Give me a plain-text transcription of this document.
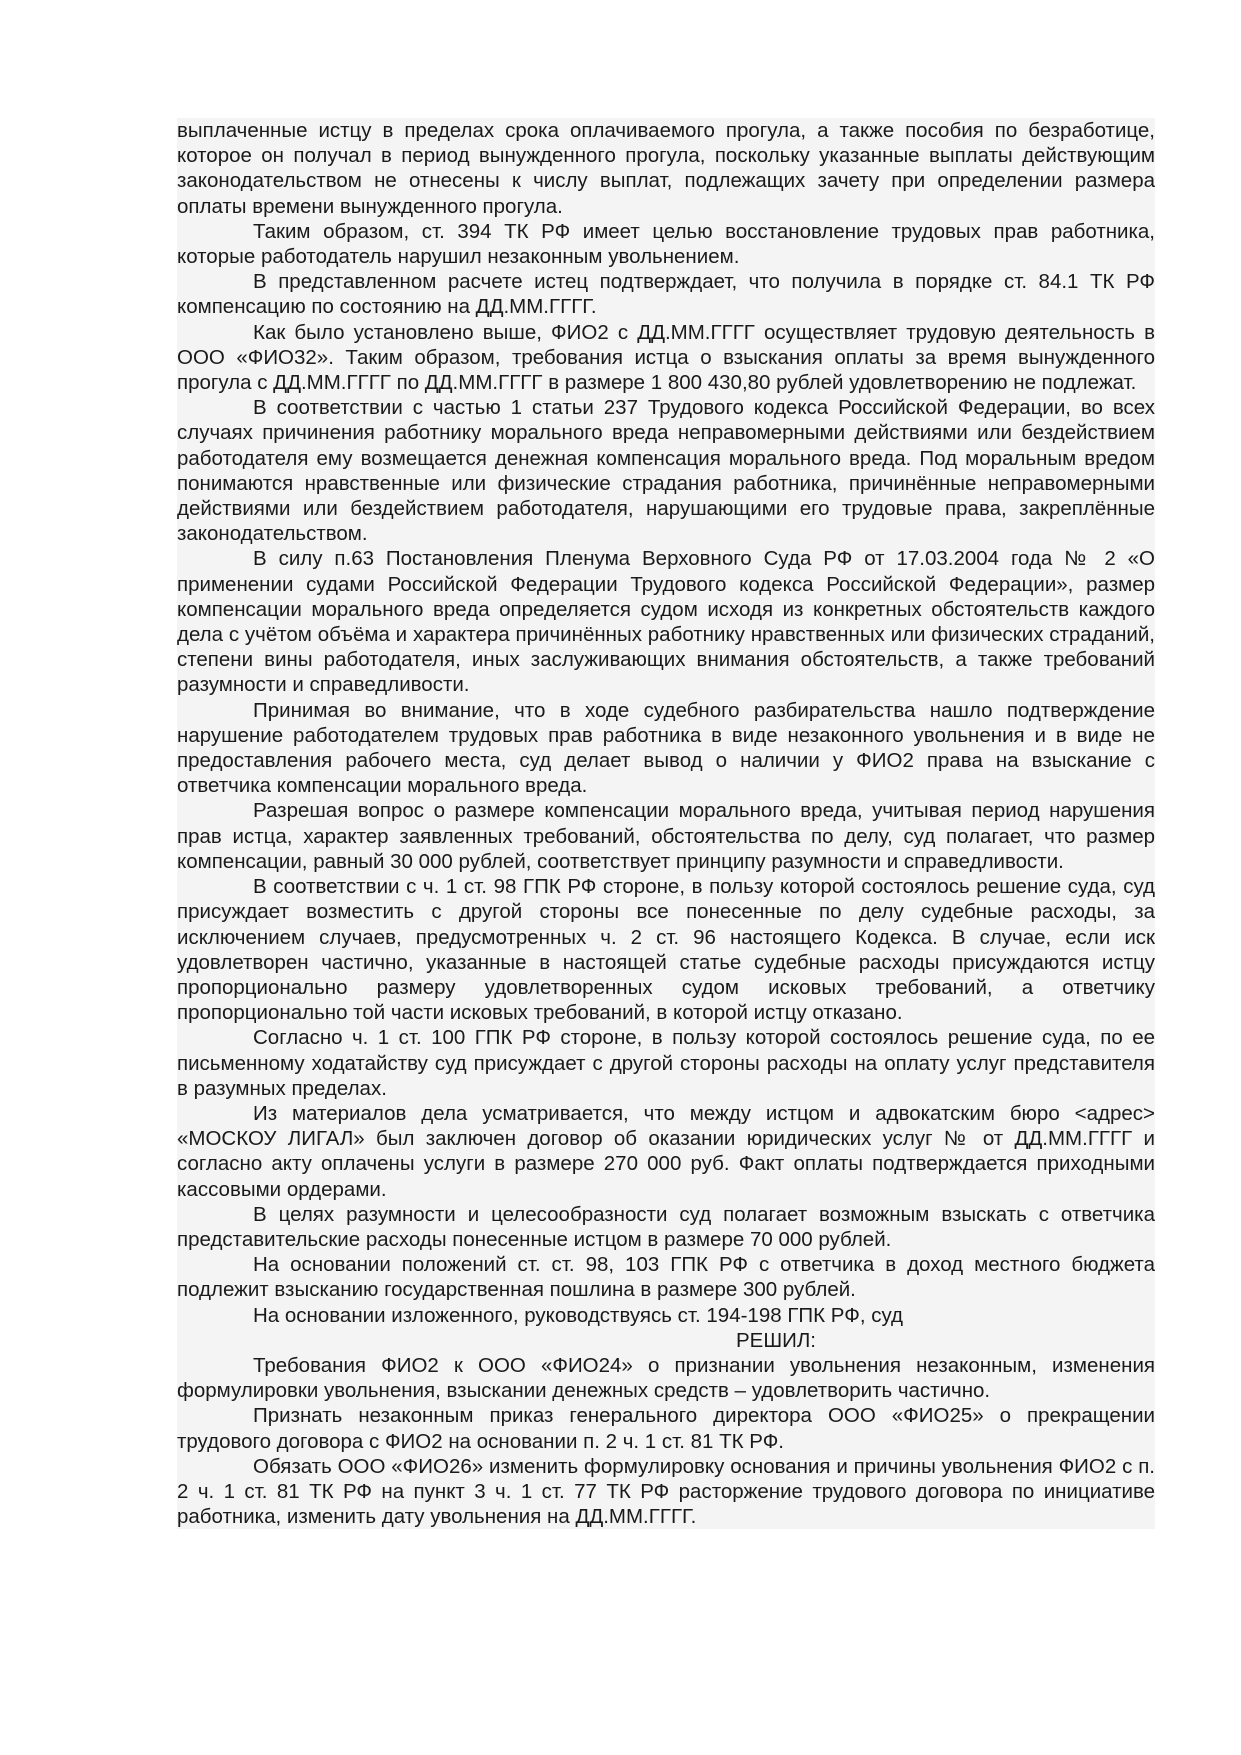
выплаченные истцу в пределах срока оплачиваемого прогула, а также пособия по безработице, которое он получал в период вынужденного прогула, поскольку указанные выплаты действующим законодательством не отнесены к числу выплат, подлежащих зачету при определении размера оплаты времени вынужденного прогула.

Таким образом, ст. 394 ТК РФ имеет целью восстановление трудовых прав работника, которые работодатель нарушил незаконным увольнением.

В представленном расчете истец подтверждает, что получила в порядке ст. 84.1 ТК РФ компенсацию по состоянию на ДД.ММ.ГГГГ.

Как было установлено выше, ФИО2 с ДД.ММ.ГГГГ осуществляет трудовую деятельность в ООО «ФИО32». Таким образом, требования истца о взыскания оплаты за время вынужденного прогула с ДД.ММ.ГГГГ по ДД.ММ.ГГГГ в размере 1 800 430,80 рублей удовлетворению не подлежат.

В соответствии с частью 1 статьи 237 Трудового кодекса Российской Федерации, во всех случаях причинения работнику морального вреда неправомерными действиями или бездействием работодателя ему возмещается денежная компенсация морального вреда. Под моральным вредом понимаются нравственные или физические страдания работника, причинённые неправомерными действиями или бездействием работодателя, нарушающими его трудовые права, закреплённые законодательством.

В силу п.63 Постановления Пленума Верховного Суда РФ от 17.03.2004 года № 2 «О применении судами Российской Федерации Трудового кодекса Российской Федерации», размер компенсации морального вреда определяется судом исходя из конкретных обстоятельств каждого дела с учётом объёма и характера причинённых работнику нравственных или физических страданий, степени вины работодателя, иных заслуживающих внимания обстоятельств, а также требований разумности и справедливости.

Принимая во внимание, что в ходе судебного разбирательства нашло подтверждение нарушение работодателем трудовых прав работника в виде незаконного увольнения и в виде не предоставления рабочего места, суд делает вывод о наличии у ФИО2 права на взыскание с ответчика компенсации морального вреда.

Разрешая вопрос о размере компенсации морального вреда, учитывая период нарушения прав истца, характер заявленных требований, обстоятельства по делу, суд полагает, что размер компенсации, равный 30 000 рублей, соответствует принципу разумности и справедливости.

В соответствии с ч. 1 ст. 98 ГПК РФ стороне, в пользу которой состоялось решение суда, суд присуждает возместить с другой стороны все понесенные по делу судебные расходы, за исключением случаев, предусмотренных ч. 2 ст. 96 настоящего Кодекса. В случае, если иск удовлетворен частично, указанные в настоящей статье судебные расходы присуждаются истцу пропорционально размеру удовлетворенных судом исковых требований, а ответчику пропорционально той части исковых требований, в которой истцу отказано.

Согласно ч. 1 ст. 100 ГПК РФ стороне, в пользу которой состоялось решение суда, по ее письменному ходатайству суд присуждает с другой стороны расходы на оплату услуг представителя в разумных пределах.

Из материалов дела усматривается, что между истцом и адвокатским бюро <адрес> «МОСКОУ ЛИГАЛ» был заключен договор об оказании юридических услуг № от ДД.ММ.ГГГГ и согласно акту оплачены услуги в размере 270 000 руб. Факт оплаты подтверждается приходными кассовыми ордерами.

В целях разумности и целесообразности суд полагает возможным взыскать с ответчика представительские расходы понесенные истцом в размере 70 000 рублей.

На основании положений ст. ст. 98, 103 ГПК РФ с ответчика в доход местного бюджета подлежит взысканию государственная пошлина в размере 300 рублей.

На основании изложенного, руководствуясь ст. 194-198 ГПК РФ, суд

РЕШИЛ:

Требования ФИО2 к ООО «ФИО24» о признании увольнения незаконным, изменения формулировки увольнения, взыскании денежных средств – удовлетворить частично.

Признать незаконным приказ генерального директора ООО «ФИО25» о прекращении трудового договора с ФИО2 на основании п. 2 ч. 1 ст. 81 ТК РФ.

Обязать ООО «ФИО26» изменить формулировку основания и причины увольнения ФИО2 с п. 2 ч. 1 ст. 81 ТК РФ на пункт 3 ч. 1 ст. 77 ТК РФ расторжение трудового договора по инициативе работника, изменить дату увольнения на ДД.ММ.ГГГГ.
